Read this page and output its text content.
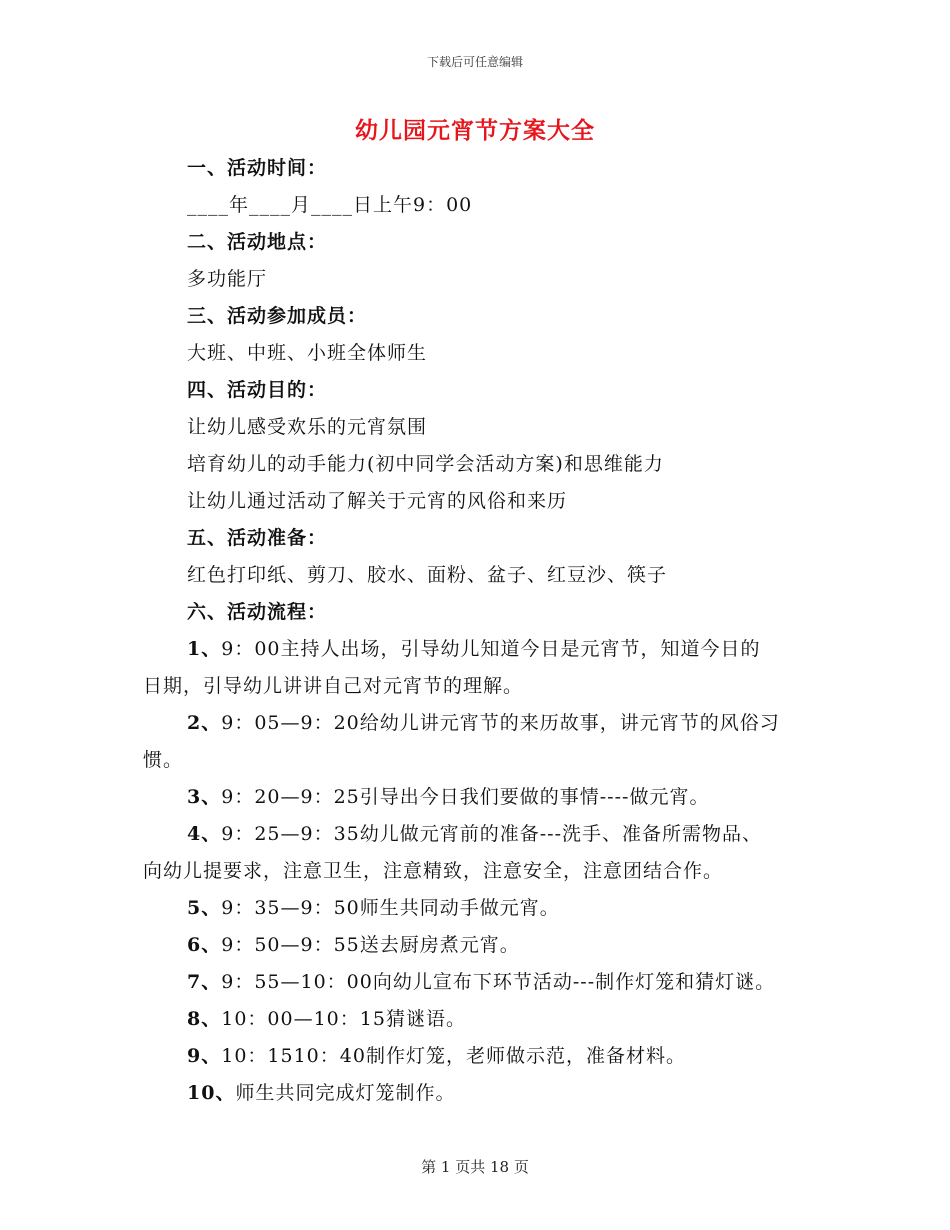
下载后可任意编辑
幼儿园元宵节方案大全
一、活动时间：
____年____月____日上午9：00
二、活动地点：
多功能厅
三、活动参加成员：
大班、中班、小班全体师生
四、活动目的：
让幼儿感受欢乐的元宵氛围
培育幼儿的动手能力(初中同学会活动方案)和思维能力
让幼儿通过活动了解关于元宵的风俗和来历
五、活动准备：
红色打印纸、剪刀、胶水、面粉、盆子、红豆沙、筷子
六、活动流程：
1、9：00主持人出场，引导幼儿知道今日是元宵节，知道今日的
日期，引导幼儿讲讲自己对元宵节的理解。
2、9：05—9：20给幼儿讲元宵节的来历故事，讲元宵节的风俗习
惯。
3、9：20—9：25引导出今日我们要做的事情----做元宵。
4、9：25—9：35幼儿做元宵前的准备---洗手、准备所需物品、
向幼儿提要求，注意卫生，注意精致，注意安全，注意团结合作。
5、9：35—9：50师生共同动手做元宵。
6、9：50—9：55送去厨房煮元宵。
7、9：55—10：00向幼儿宣布下环节活动---制作灯笼和猜灯谜。
8、10：00—10：15猜谜语。
9、10：1510：40制作灯笼，老师做示范，准备材料。
10、师生共同完成灯笼制作。
第 1 页共 18 页
